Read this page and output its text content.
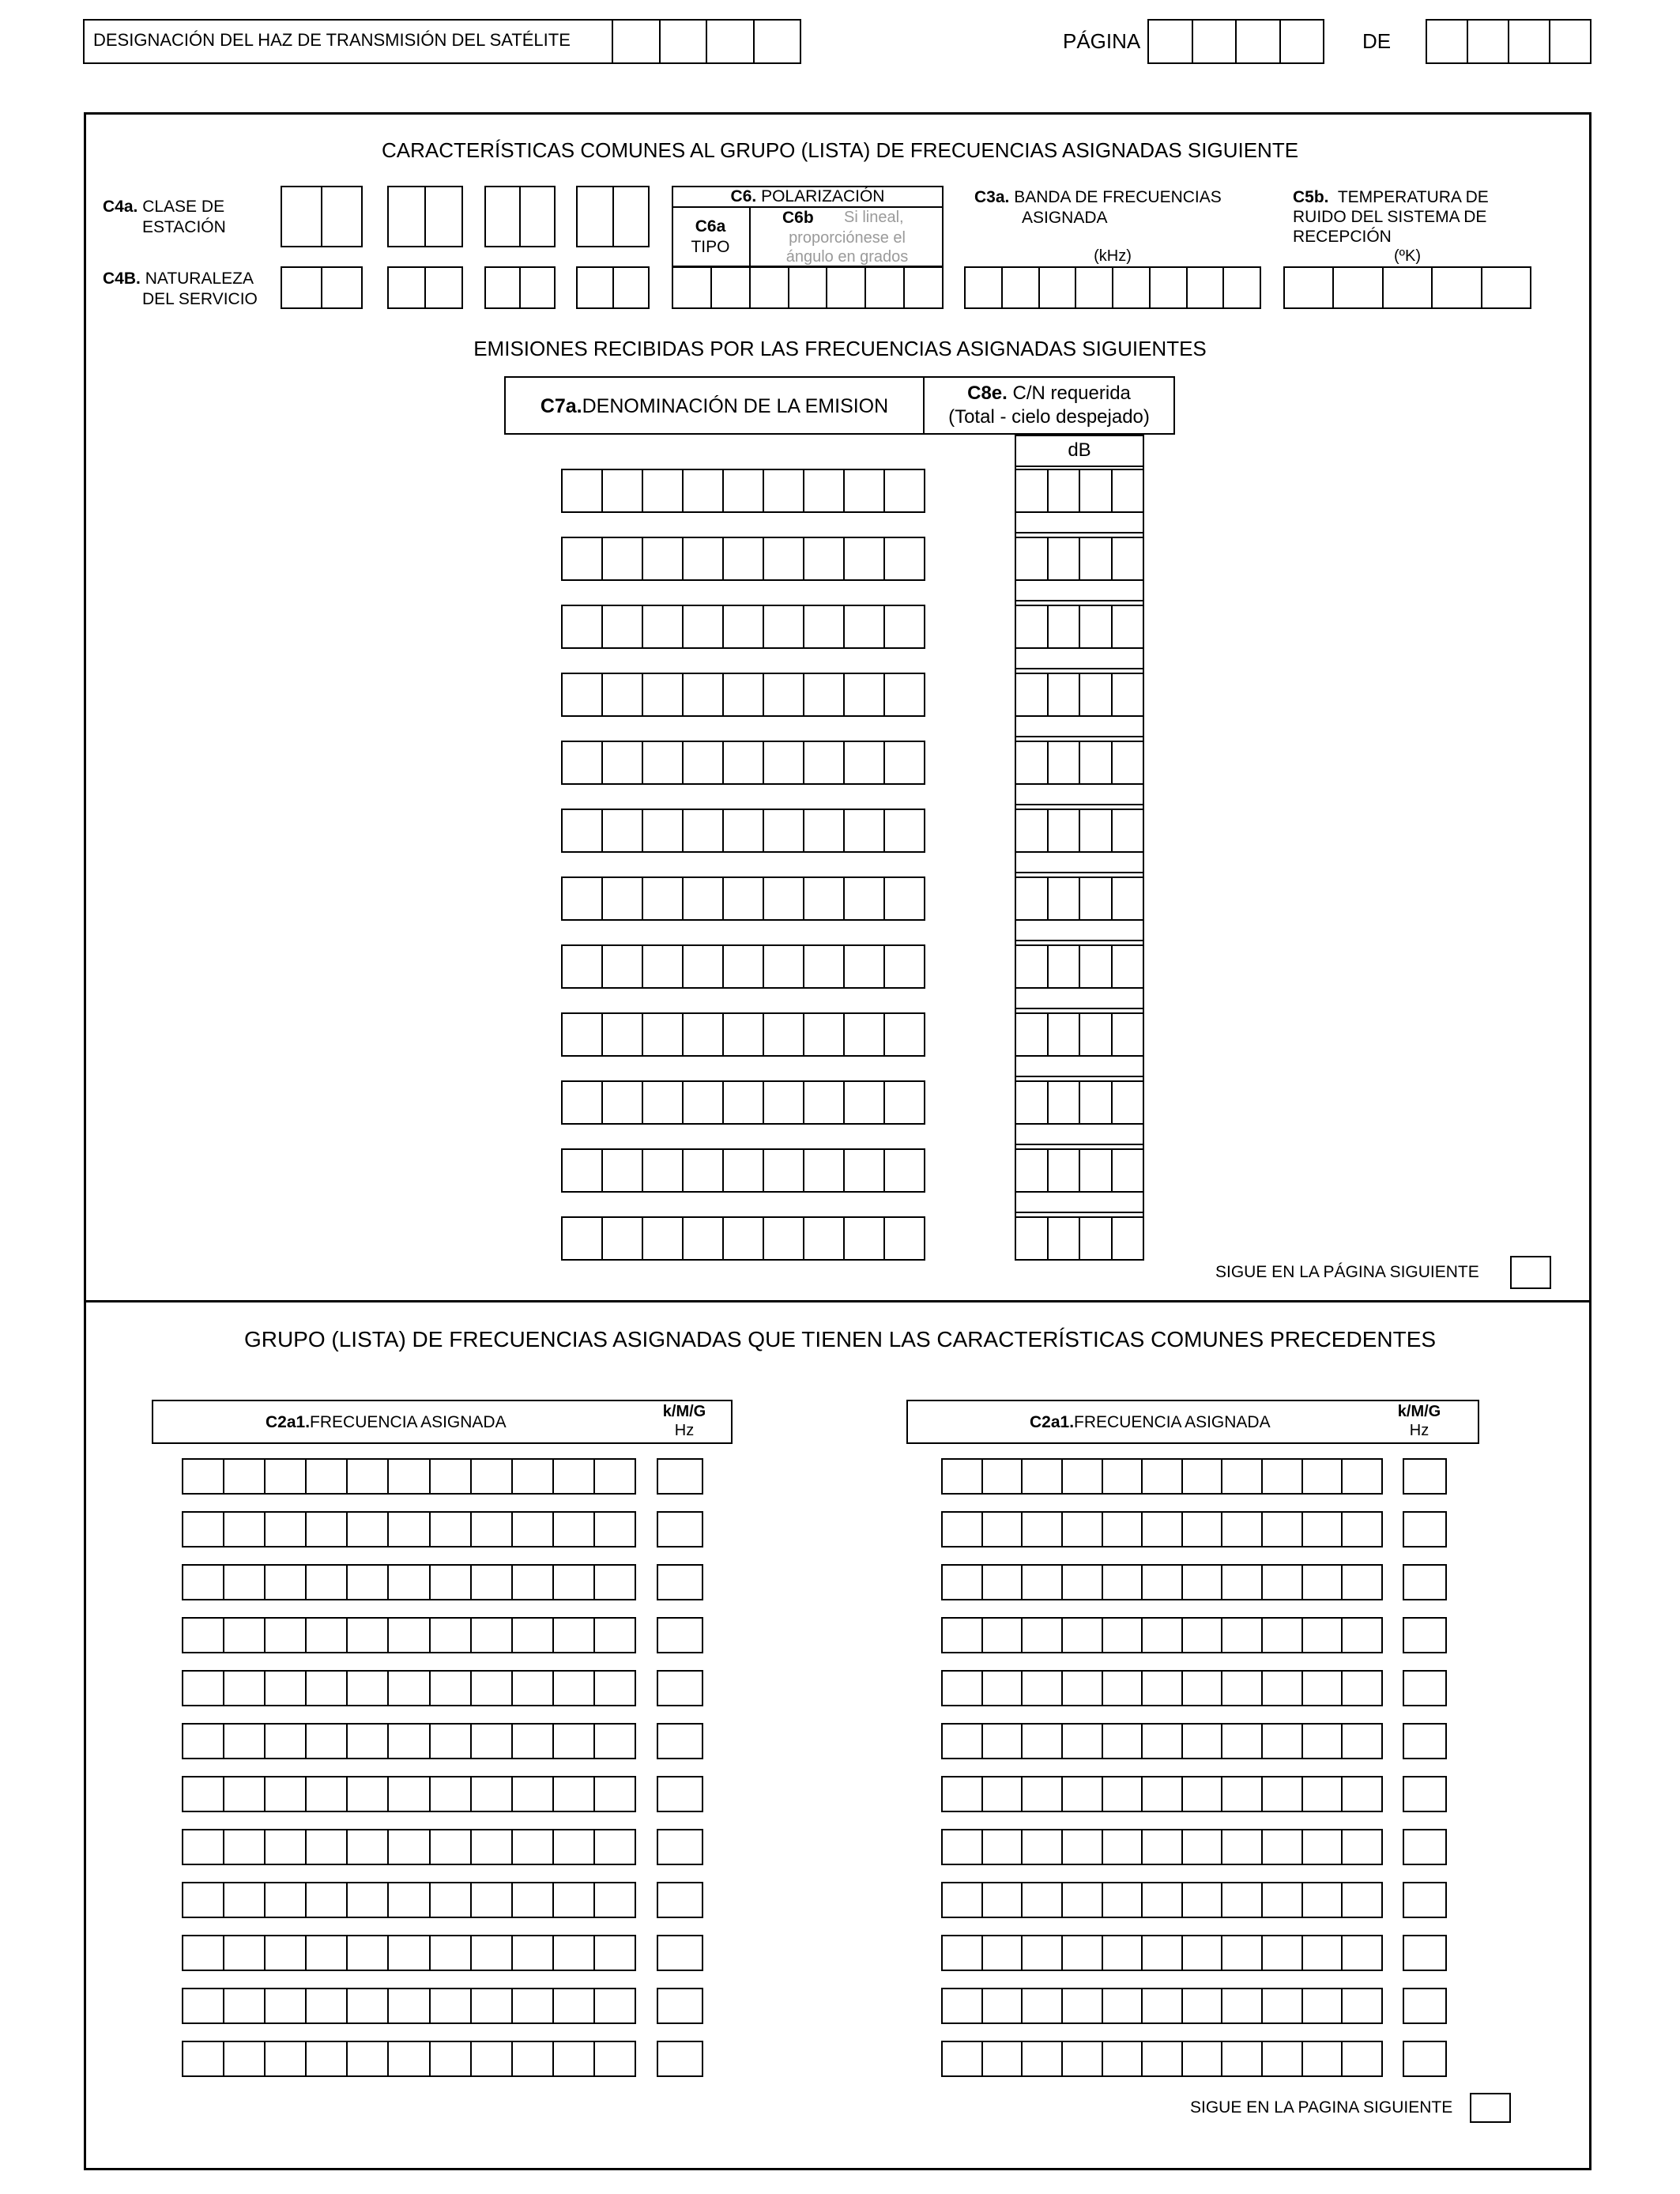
DESIGNACIÓN DEL HAZ DE TRANSMISIÓN DEL SATÉLITE	PÁGINA	DE
CARACTERÍSTICAS COMUNES AL GRUPO (LISTA) DE FRECUENCIAS ASIGNADAS SIGUIENTE
C4a. CLASE DE
ESTACIÓN
C4B. NATURALEZA
DEL SERVICIO
C6. POLARIZACIÓN
C6a
TIPO
C6b Si lineal,
proporciónese el
ángulo en grados
C3a. BANDA DE FRECUENCIAS
ASIGNADA
(kHz)
C5b. TEMPERATURA DE
RUIDO DEL SISTEMA DE
RECEPCIÓN
(ºK)
EMISIONES RECIBIDAS POR LAS FRECUENCIAS ASIGNADAS SIGUIENTES
C7a.DENOMINACIÓN DE LA EMISION
C8e. C/N requerida
(Total - cielo despejado)
dB
SIGUE EN LA PÁGINA SIGUIENTE
GRUPO (LISTA) DE FRECUENCIAS ASIGNADAS QUE TIENEN LAS CARACTERÍSTICAS COMUNES PRECEDENTES
C2a1.FRECUENCIA ASIGNADA
k/M/G
Hz	C2a1.FRECUENCIA ASIGNADA
k/M/G
Hz
SIGUE EN LA PAGINA SIGUIENTE
